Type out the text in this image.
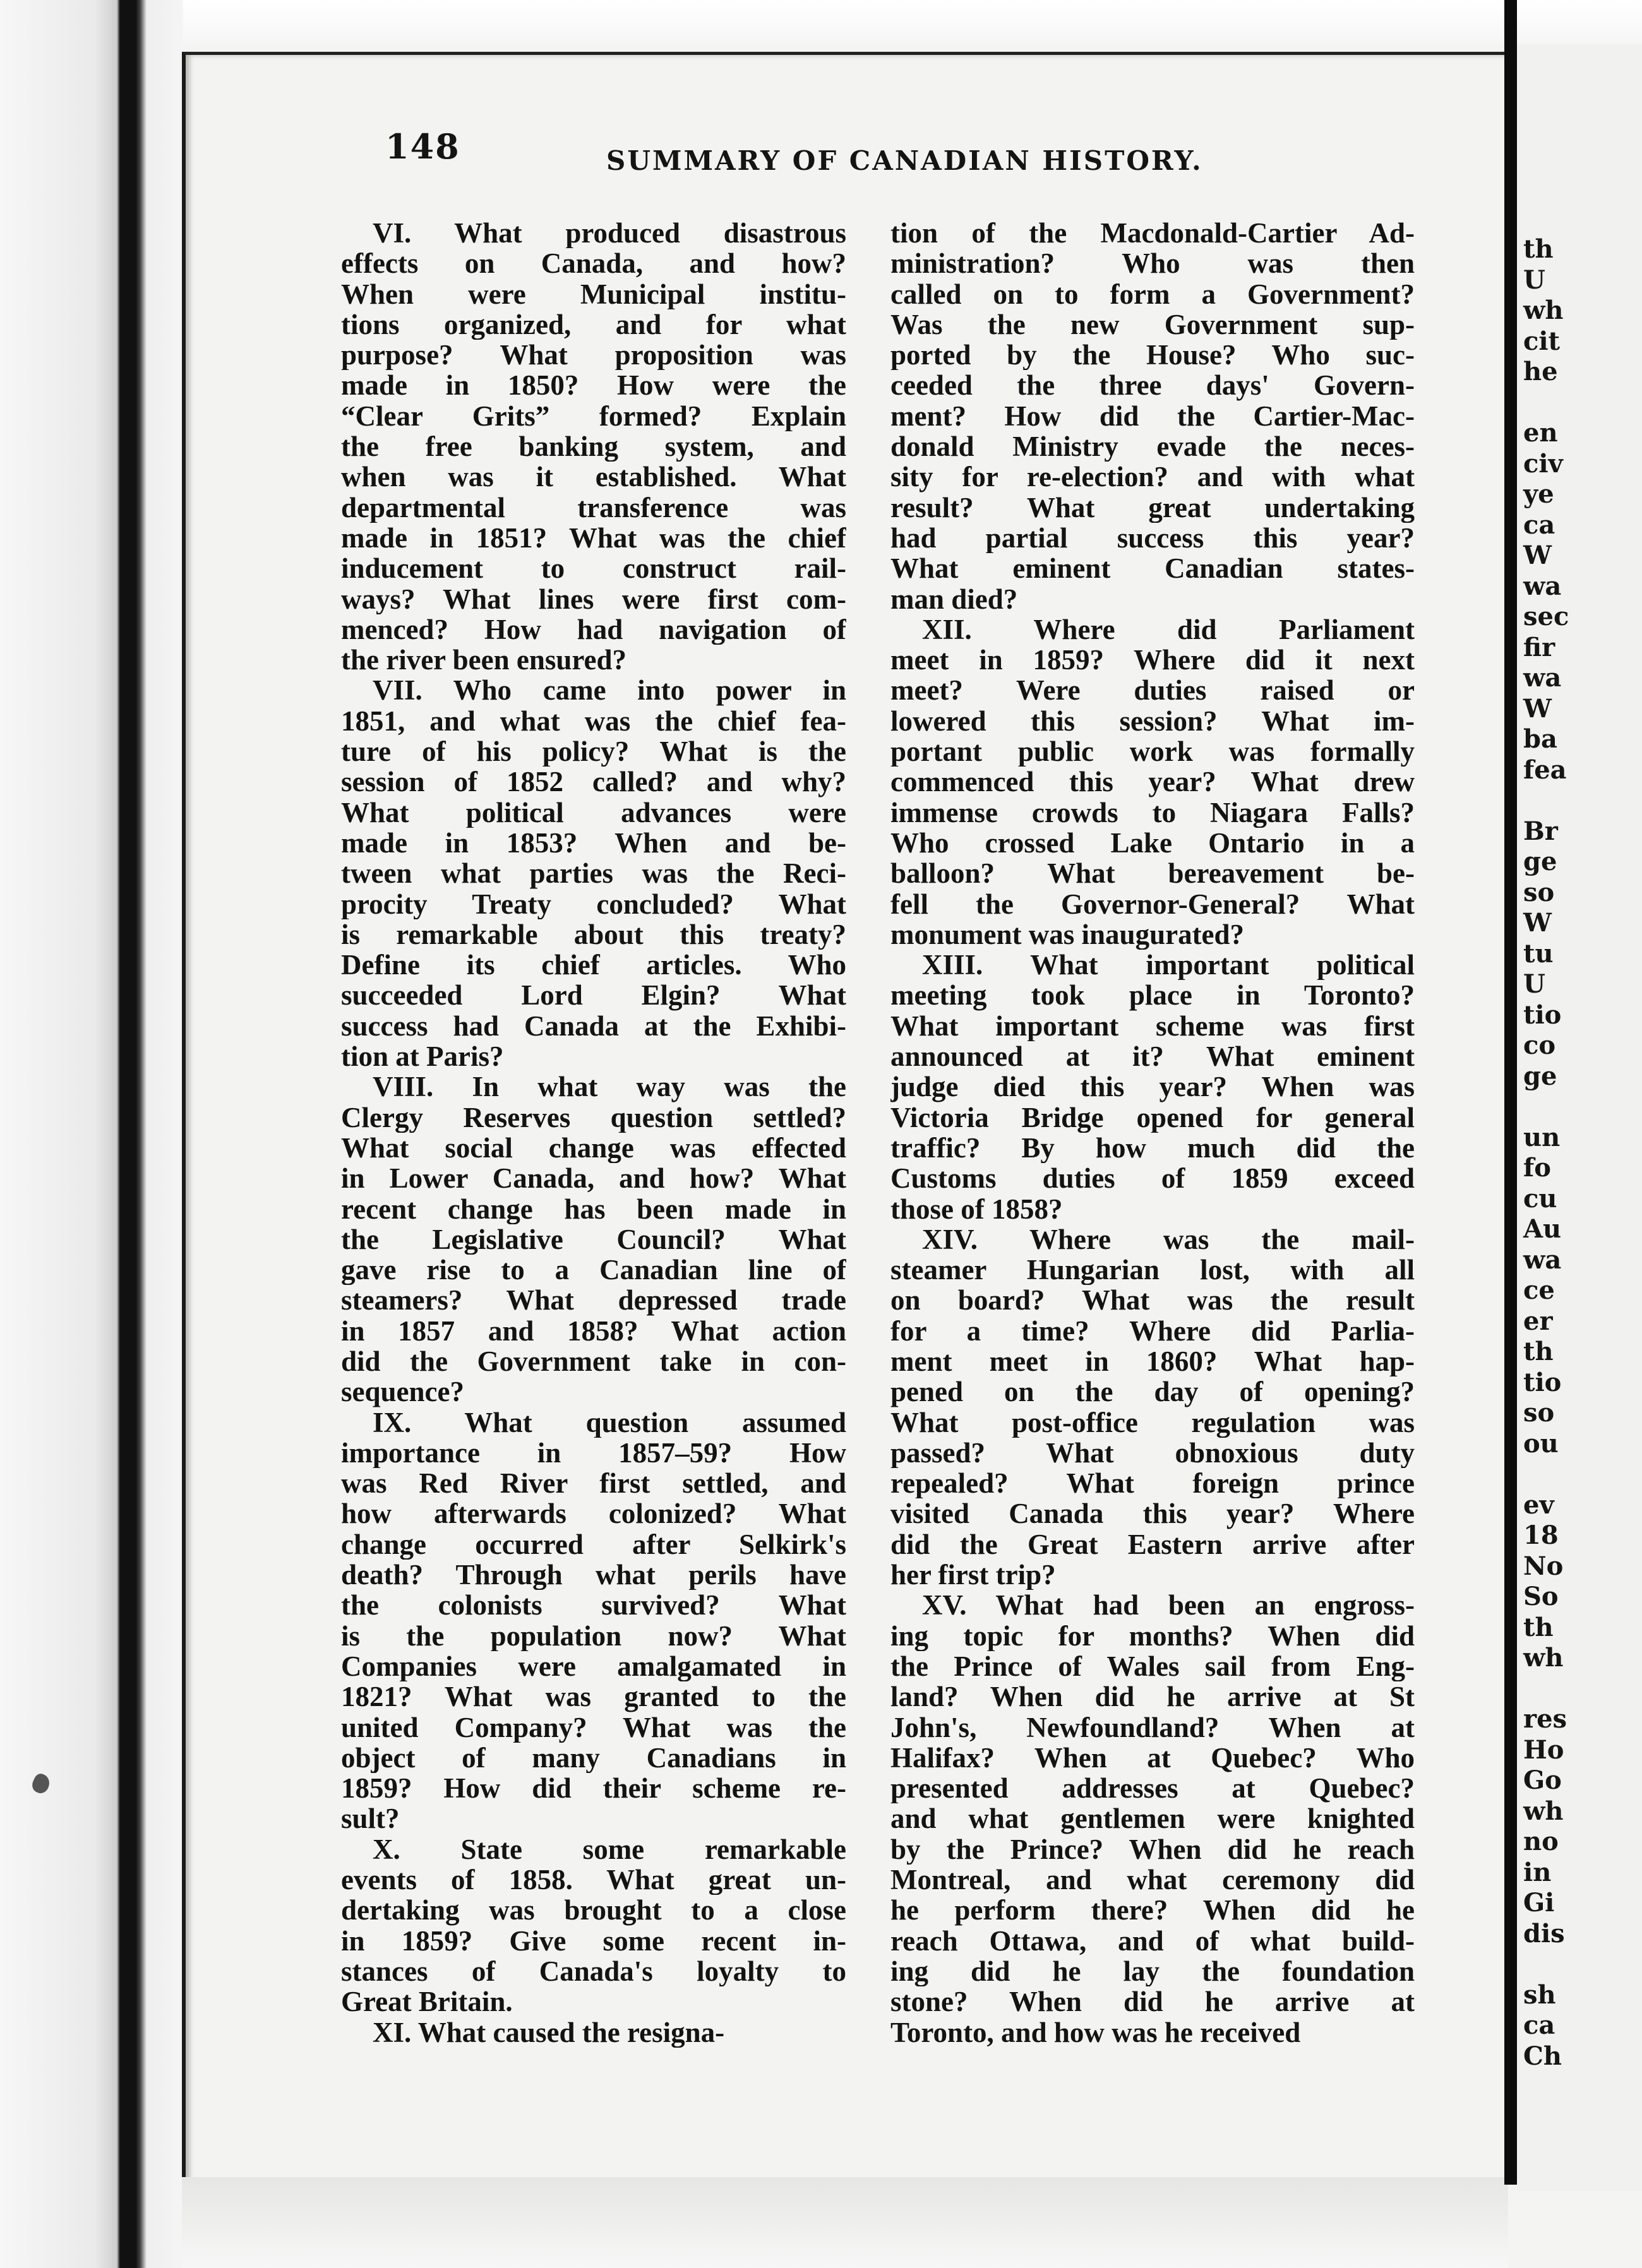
148	SUMMARY OF CANADIAN HISTORY.
VI. What produced disastrous
effects on Canada, and how?
When were Municipal institu-
tions organized, and for what
purpose? What proposition was
made in 1850? How were the
“Clear Grits” formed? Explain
the free banking system, and
when was it established. What
departmental transference was
made in 1851? What was the chief
inducement to construct rail-
ways? What lines were first com-
menced? How had navigation of
the river been ensured?
VII. Who came into power in
1851, and what was the chief fea-
ture of his policy? What is the
session of 1852 called? and why?
What political advances were
made in 1853? When and be-
tween what parties was the Reci-
procity Treaty concluded? What
is remarkable about this treaty?
Define its chief articles. Who
succeeded Lord Elgin? What
success had Canada at the Exhibi-
tion at Paris?
VIII. In what way was the
Clergy Reserves question settled?
What social change was effected
in Lower Canada, and how? What
recent change has been made in
the Legislative Council? What
gave rise to a Canadian line of
steamers? What depressed trade
in 1857 and 1858? What action
did the Government take in con-
sequence?
IX. What question assumed
importance in 1857–59? How
was Red River first settled, and
how afterwards colonized? What
change occurred after Selkirk's
death? Through what perils have
the colonists survived? What
is the population now? What
Companies were amalgamated in
1821? What was granted to the
united Company? What was the
object of many Canadians in
1859? How did their scheme re-
sult?
X. State some remarkable
events of 1858. What great un-
dertaking was brought to a close
in 1859? Give some recent in-
stances of Canada's loyalty to
Great Britain.
XI. What caused the resigna-
tion of the Macdonald-Cartier Ad-
ministration? Who was then
called on to form a Government?
Was the new Government sup-
ported by the House? Who suc-
ceeded the three days' Govern-
ment? How did the Cartier-Mac-
donald Ministry evade the neces-
sity for re-election? and with what
result? What great undertaking
had partial success this year?
What eminent Canadian states-
man died?
XII. Where did Parliament
meet in 1859? Where did it next
meet? Were duties raised or
lowered this session? What im-
portant public work was formally
commenced this year? What drew
immense crowds to Niagara Falls?
Who crossed Lake Ontario in a
balloon? What bereavement be-
fell the Governor-General? What
monument was inaugurated?
XIII. What important political
meeting took place in Toronto?
What important scheme was first
announced at it? What eminent
judge died this year? When was
Victoria Bridge opened for general
traffic? By how much did the
Customs duties of 1859 exceed
those of 1858?
XIV. Where was the mail-
steamer Hungarian lost, with all
on board? What was the result
for a time? Where did Parlia-
ment meet in 1860? What hap-
pened on the day of opening?
What post-office regulation was
passed? What obnoxious duty
repealed? What foreign prince
visited Canada this year? Where
did the Great Eastern arrive after
her first trip?
XV. What had been an engross-
ing topic for months? When did
the Prince of Wales sail from Eng-
land? When did he arrive at St
John's, Newfoundland? When at
Halifax? When at Quebec? Who
presented addresses at Quebec?
and what gentlemen were knighted
by the Prince? When did he reach
Montreal, and what ceremony did
he perform there? When did he
reach Ottawa, and of what build-
ing did he lay the foundation
stone? When did he arrive at
Toronto, and how was he received
th
U
wh
cit
he
en
civ
ye
ca
W
wa
sec
fir
wa
W
ba
fea
Br
ge
so
W
tu
U
tio
co
ge
un
fo
cu
Au
wa
ce
er
th
tio
so
ou
ev
18
No
So
th
wh
res
Ho
Go
wh
no
in
Gi
dis
sh
ca
Ch
